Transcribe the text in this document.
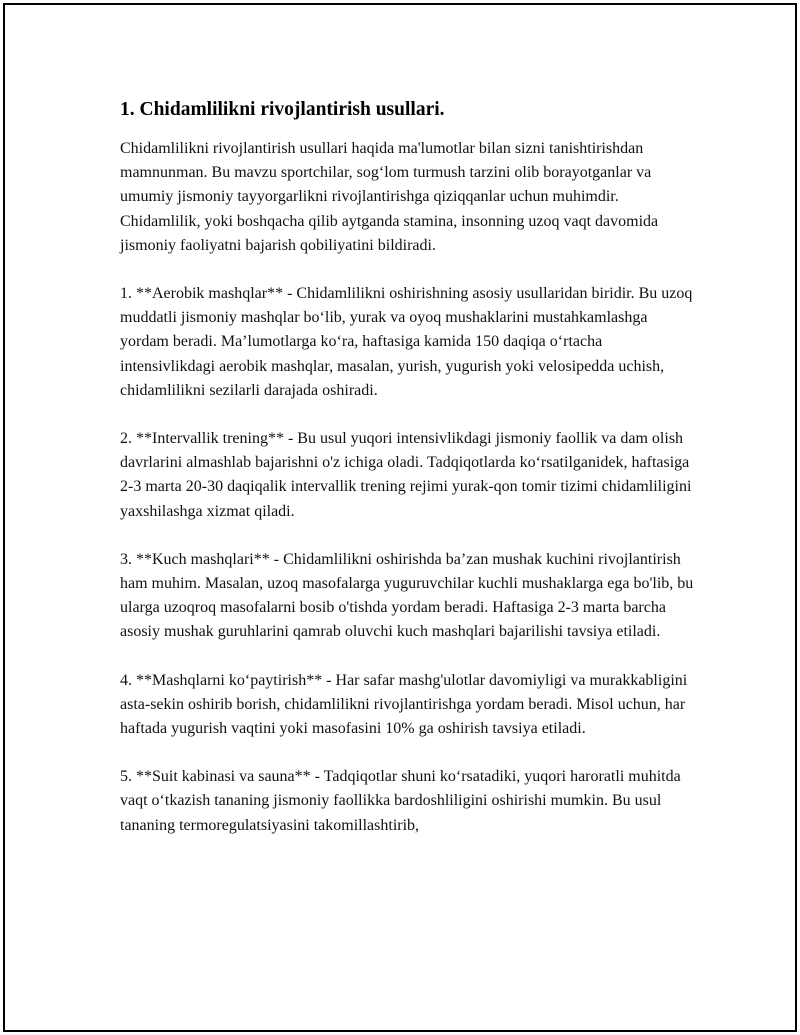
1. Chidamlilikni rivojlantirish usullari.

Chidamlilikni rivojlantirish usullari haqida ma'lumotlar bilan sizni tanishtirishdan mamnunman. Bu mavzu sportchilar, sog‘lom turmush tarzini olib borayotganlar va umumiy jismoniy tayyorgarlikni rivojlantirishga qiziqqanlar uchun muhimdir. Chidamlilik, yoki boshqacha qilib aytganda stamina, insonning uzoq vaqt davomida jismoniy faoliyatni bajarish qobiliyatini bildiradi.

1. **Aerobik mashqlar** - Chidamlilikni oshirishning asosiy usullaridan biridir. Bu uzoq muddatli jismoniy mashqlar bo‘lib, yurak va oyoq mushaklarini mustahkamlashga yordam beradi. Ma’lumotlarga ko‘ra, haftasiga kamida 150 daqiqa o‘rtacha intensivlikdagi aerobik mashqlar, masalan, yurish, yugurish yoki velosipedda uchish, chidamlilikni sezilarli darajada oshiradi.

2. **Intervallik trening** - Bu usul yuqori intensivlikdagi jismoniy faollik va dam olish davrlarini almashlab bajarishni o'z ichiga oladi. Tadqiqotlarda ko‘rsatilganidek, haftasiga 2-3 marta 20-30 daqiqalik intervallik trening rejimi yurak-qon tomir tizimi chidamliligini yaxshilashga xizmat qiladi.

3. **Kuch mashqlari** - Chidamlilikni oshirishda ba’zan mushak kuchini rivojlantirish ham muhim. Masalan, uzoq masofalarga yuguruvchilar kuchli mushaklarga ega bo'lib, bu ularga uzoqroq masofalarni bosib o'tishda yordam beradi. Haftasiga 2-3 marta barcha asosiy mushak guruhlarini qamrab oluvchi kuch mashqlari bajarilishi tavsiya etiladi.

4. **Mashqlarni ko‘paytirish** - Har safar mashg'ulotlar davomiyligi va murakkabligini asta-sekin oshirib borish, chidamlilikni rivojlantirishga yordam beradi. Misol uchun, har haftada yugurish vaqtini yoki masofasini 10% ga oshirish tavsiya etiladi.

5. **Suit kabinasi va sauna** - Tadqiqotlar shuni ko‘rsatadiki, yuqori haroratli muhitda vaqt o‘tkazish tananing jismoniy faollikka bardoshliligini oshirishi mumkin. Bu usul tananing termoregulatsiyasini takomillashtirib,
